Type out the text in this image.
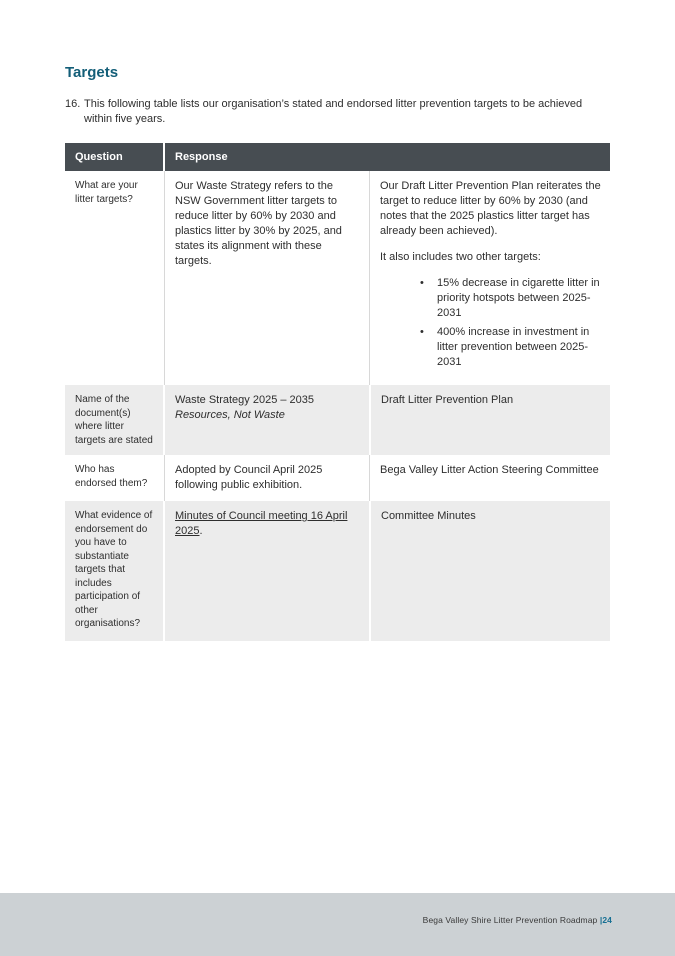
Targets
16. This following table lists our organisation’s stated and endorsed litter prevention targets to be achieved within five years.
Question	Response
What are your litter targets?
Our Waste Strategy refers to the NSW Government litter targets to reduce litter by 60% by 2030 and plastics litter by 30% by 2025, and states its alignment with these targets.
Our Draft Litter Prevention Plan reiterates the target to reduce litter by 60% by 2030 (and notes that the 2025 plastics litter target has already been achieved).
It also includes two other targets:
• 15% decrease in cigarette litter in priority hotspots between 2025-2031
• 400% increase in investment in litter prevention between 2025-2031
Name of the document(s) where litter targets are stated
Waste Strategy 2025 – 2035
Resources, Not Waste
Draft Litter Prevention Plan
Who has endorsed them?
Adopted by Council April 2025 following public exhibition.
Bega Valley Litter Action Steering Committee
What evidence of endorsement do you have to substantiate targets that includes participation of other organisations?
Minutes of Council meeting 16 April 2025.
Committee Minutes
Bega Valley Shire Litter Prevention Roadmap |24
